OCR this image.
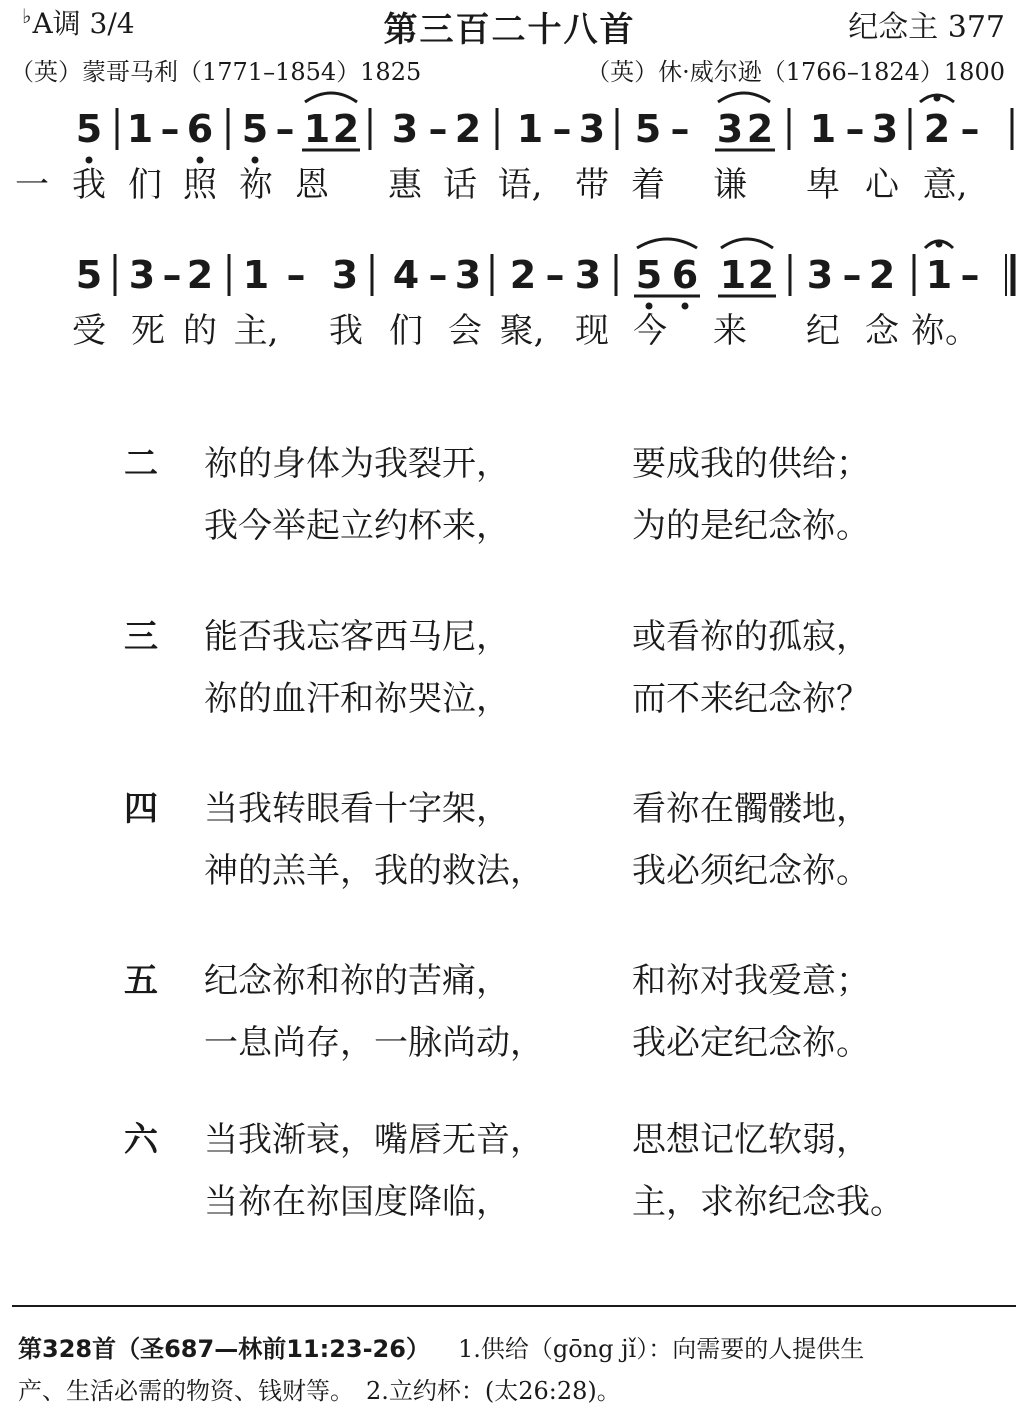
♭A调 3/4	第三百二十八首	纪念主 377
（英）蒙哥马利（1771–1854）1825	（英）休·威尔逊（1766–1824）1800
5 1 – 6 5 – 1 2 3 – 2 1 – 3 5 – 3 2 1 – 3 2 –
一 我 们 照 祢 恩 惠 话 语, 带 着 谦 卑 心 意,
5 3 – 2 1 – 3 4 – 3 2 – 3 5 6 1 2 3 – 2 1 –
受 死 的 主, 我 们 会 聚, 现 今 来 纪 念 祢。
二 祢的身体为我裂开，	要成我的供给；
我今举起立约杯来，	为的是纪念祢。
三 能否我忘客西马尼，	或看祢的孤寂，
祢的血汗和祢哭泣，	而不来纪念祢？
四 当我转眼看十字架，	看祢在髑髅地，
神的羔羊，我的救法，	我必须纪念祢。
五 纪念祢和祢的苦痛，	和祢对我爱意；
一息尚存，一脉尚动，	我必定纪念祢。
六 当我渐衰，嘴唇无音，	思想记忆软弱，
当祢在祢国度降临，	主，求祢纪念我。
第328首（圣687—林前11:23-26） 1.供给（gōng jǐ）：向需要的人提供生
产、生活必需的物资、钱财等。　2.立约杯：(太26:28)。
